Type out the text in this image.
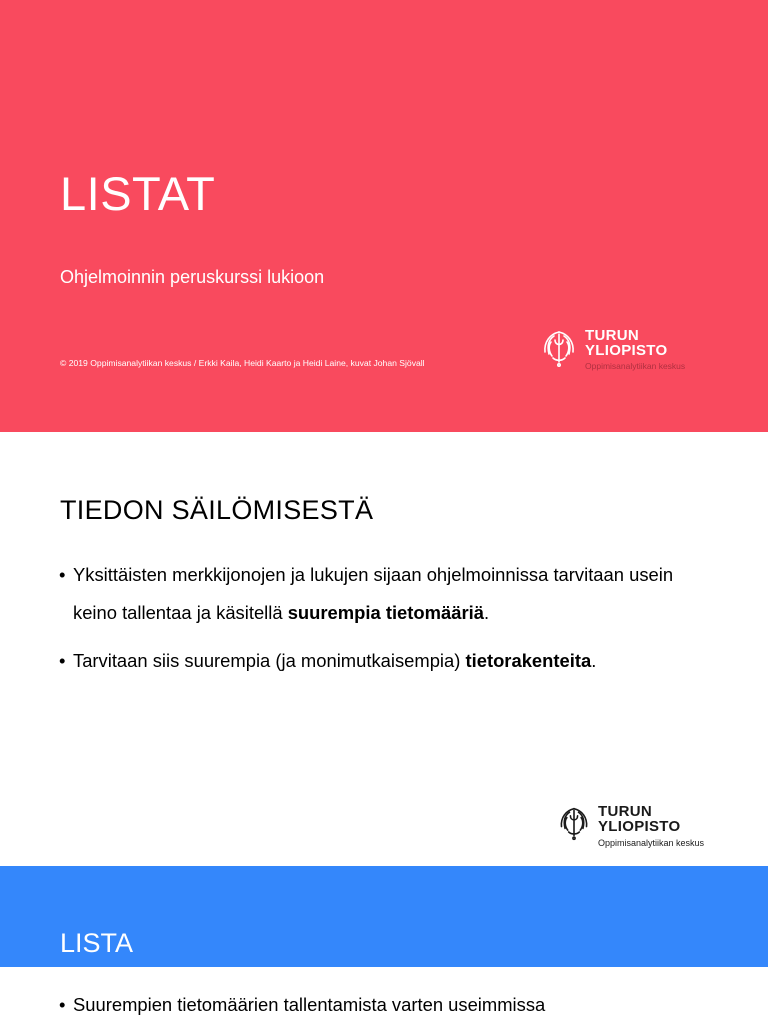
LISTAT
Ohjelmoinnin peruskurssi lukioon
© 2019 Oppimisanalytiikan keskus / Erkki Kaila, Heidi Kaarto ja Heidi Laine, kuvat Johan Sjövall
TURUN
YLIOPISTO
Oppimisanalytiikan keskus
TIEDON SÄILÖMISESTÄ
• Yksittäisten merkkijonojen ja lukujen sijaan ohjelmoinnissa tarvitaan usein keino tallentaa ja käsitellä suurempia tietomääriä.
• Tarvitaan siis suurempia (ja monimutkaisempia) tietorakenteita.
TURUN
YLIOPISTO
Oppimisanalytiikan keskus
LISTA
• Suurempien tietomäärien tallentamista varten useimmissa
